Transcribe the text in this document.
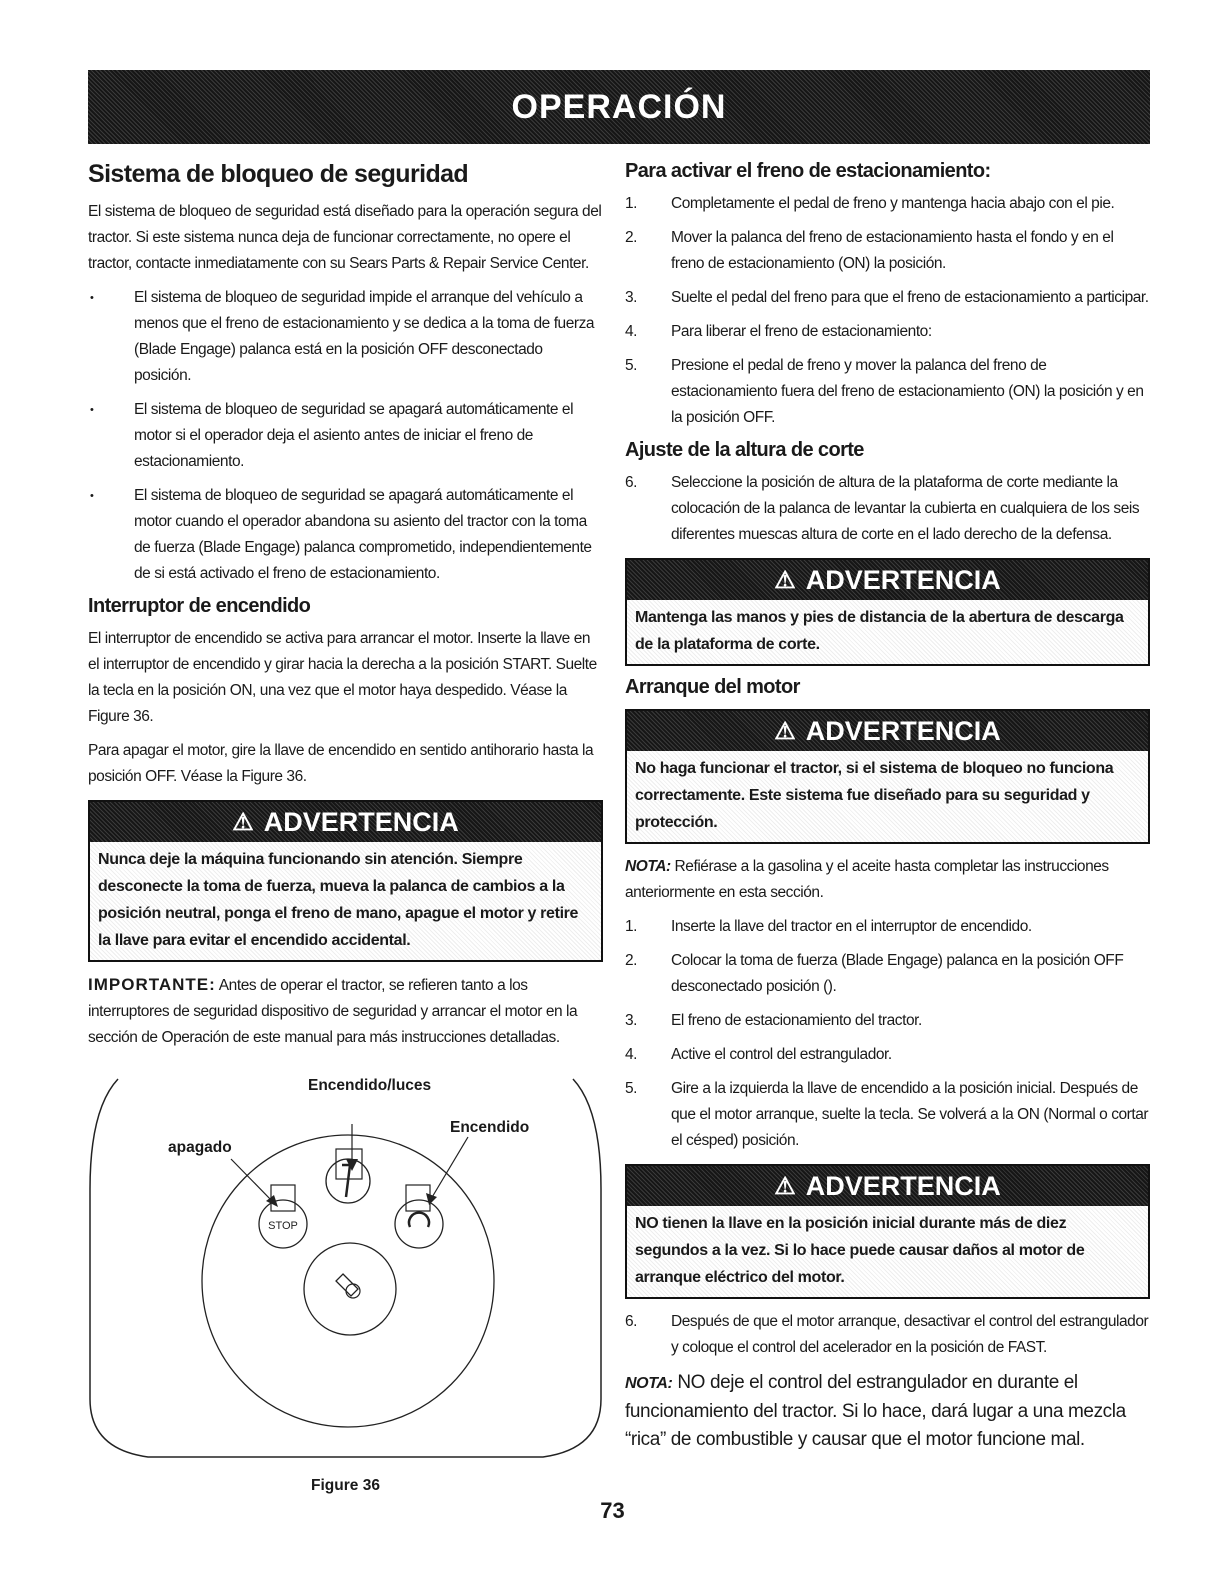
OPERACIÓN
Sistema de bloqueo de seguridad

El sistema de bloqueo de seguridad está diseñado para la operación segura del tractor. Si este sistema nunca deja de funcionar correctamente, no opere el tractor, contacte inmediatamente con su Sears Parts & Repair Service Center.

• El sistema de bloqueo de seguridad impide el arranque del vehículo a menos que el freno de estacionamiento y se dedica a la toma de fuerza (Blade Engage) palanca está en la posición OFF desconectado posición.
• El sistema de bloqueo de seguridad se apagará automáticamente el motor si el operador deja el asiento antes de iniciar el freno de estacionamiento.
• El sistema de bloqueo de seguridad se apagará automáticamente el motor cuando el operador abandona su asiento del tractor con la toma de fuerza (Blade Engage) palanca comprometido, independientemente de si está activado el freno de estacionamiento.
Interruptor de encendido

El interruptor de encendido se activa para arrancar el motor. Inserte la llave en el interruptor de encendido y girar hacia la derecha a la posición START. Suelte la tecla en la posición ON, una vez que el motor haya despedido. Véase la Figure 36.

Para apagar el motor, gire la llave de encendido en sentido antihorario hasta la posición OFF. Véase la Figure 36.

⚠ ADVERTENCIA
Nunca deje la máquina funcionando sin atención. Siempre desconecte la toma de fuerza, mueva la palanca de cambios a la posición neutral, ponga el freno de mano, apague el motor y retire la llave para evitar el encendido accidental.

IMPORTANTE: Antes de operar el tractor, se refieren tanto a los interruptores de seguridad dispositivo de seguridad y arrancar el motor en la sección de Operación de este manual para más instrucciones detalladas.

STOP
Encendido/luces
Encendido
apagado
Figure 36
Para activar el freno de estacionamiento:
1. Completamente el pedal de freno y mantenga hacia abajo con el pie.
2. Mover la palanca del freno de estacionamiento hasta el fondo y en el freno de estacionamiento (ON) la posición.
3. Suelte el pedal del freno para que el freno de estacionamiento a participar.
4. Para liberar el freno de estacionamiento:
5. Presione el pedal de freno y mover la palanca del freno de estacionamiento fuera del freno de estacionamiento (ON) la posición y en la posición OFF.
Ajuste de la altura de corte
6. Seleccione la posición de altura de la plataforma de corte mediante la colocación de la palanca de levantar la cubierta en cualquiera de los seis diferentes muescas altura de corte en el lado derecho de la defensa.
⚠ ADVERTENCIA
Mantenga las manos y pies de distancia de la abertura de descarga de la plataforma de corte.
Arranque del motor
⚠ ADVERTENCIA
No haga funcionar el tractor, si el sistema de bloqueo no funciona correctamente. Este sistema fue diseñado para su seguridad y protección.

NOTA: Refiérase a la gasolina y el aceite hasta completar las instrucciones anteriormente en esta sección.

1. Inserte la llave del tractor en el interruptor de encendido.
2. Colocar la toma de fuerza (Blade Engage) palanca en la posición OFF desconectado posición ().
3. El freno de estacionamiento del tractor.
4. Active el control del estrangulador.
5. Gire a la izquierda la llave de encendido a la posición inicial. Después de que el motor arranque, suelte la tecla. Se volverá a la ON (Normal o cortar el césped) posición.
⚠ ADVERTENCIA
NO tienen la llave en la posición inicial durante más de diez segundos a la vez. Si lo hace puede causar daños al motor de arranque eléctrico del motor.
6. Después de que el motor arranque, desactivar el control del estrangulador y coloque el control del acelerador en la posición de FAST.

NOTA: NO deje el control del estrangulador en durante el funcionamiento del tractor. Si lo hace, dará lugar a una mezcla “rica” de combustible y causar que el motor funcione mal.

73
